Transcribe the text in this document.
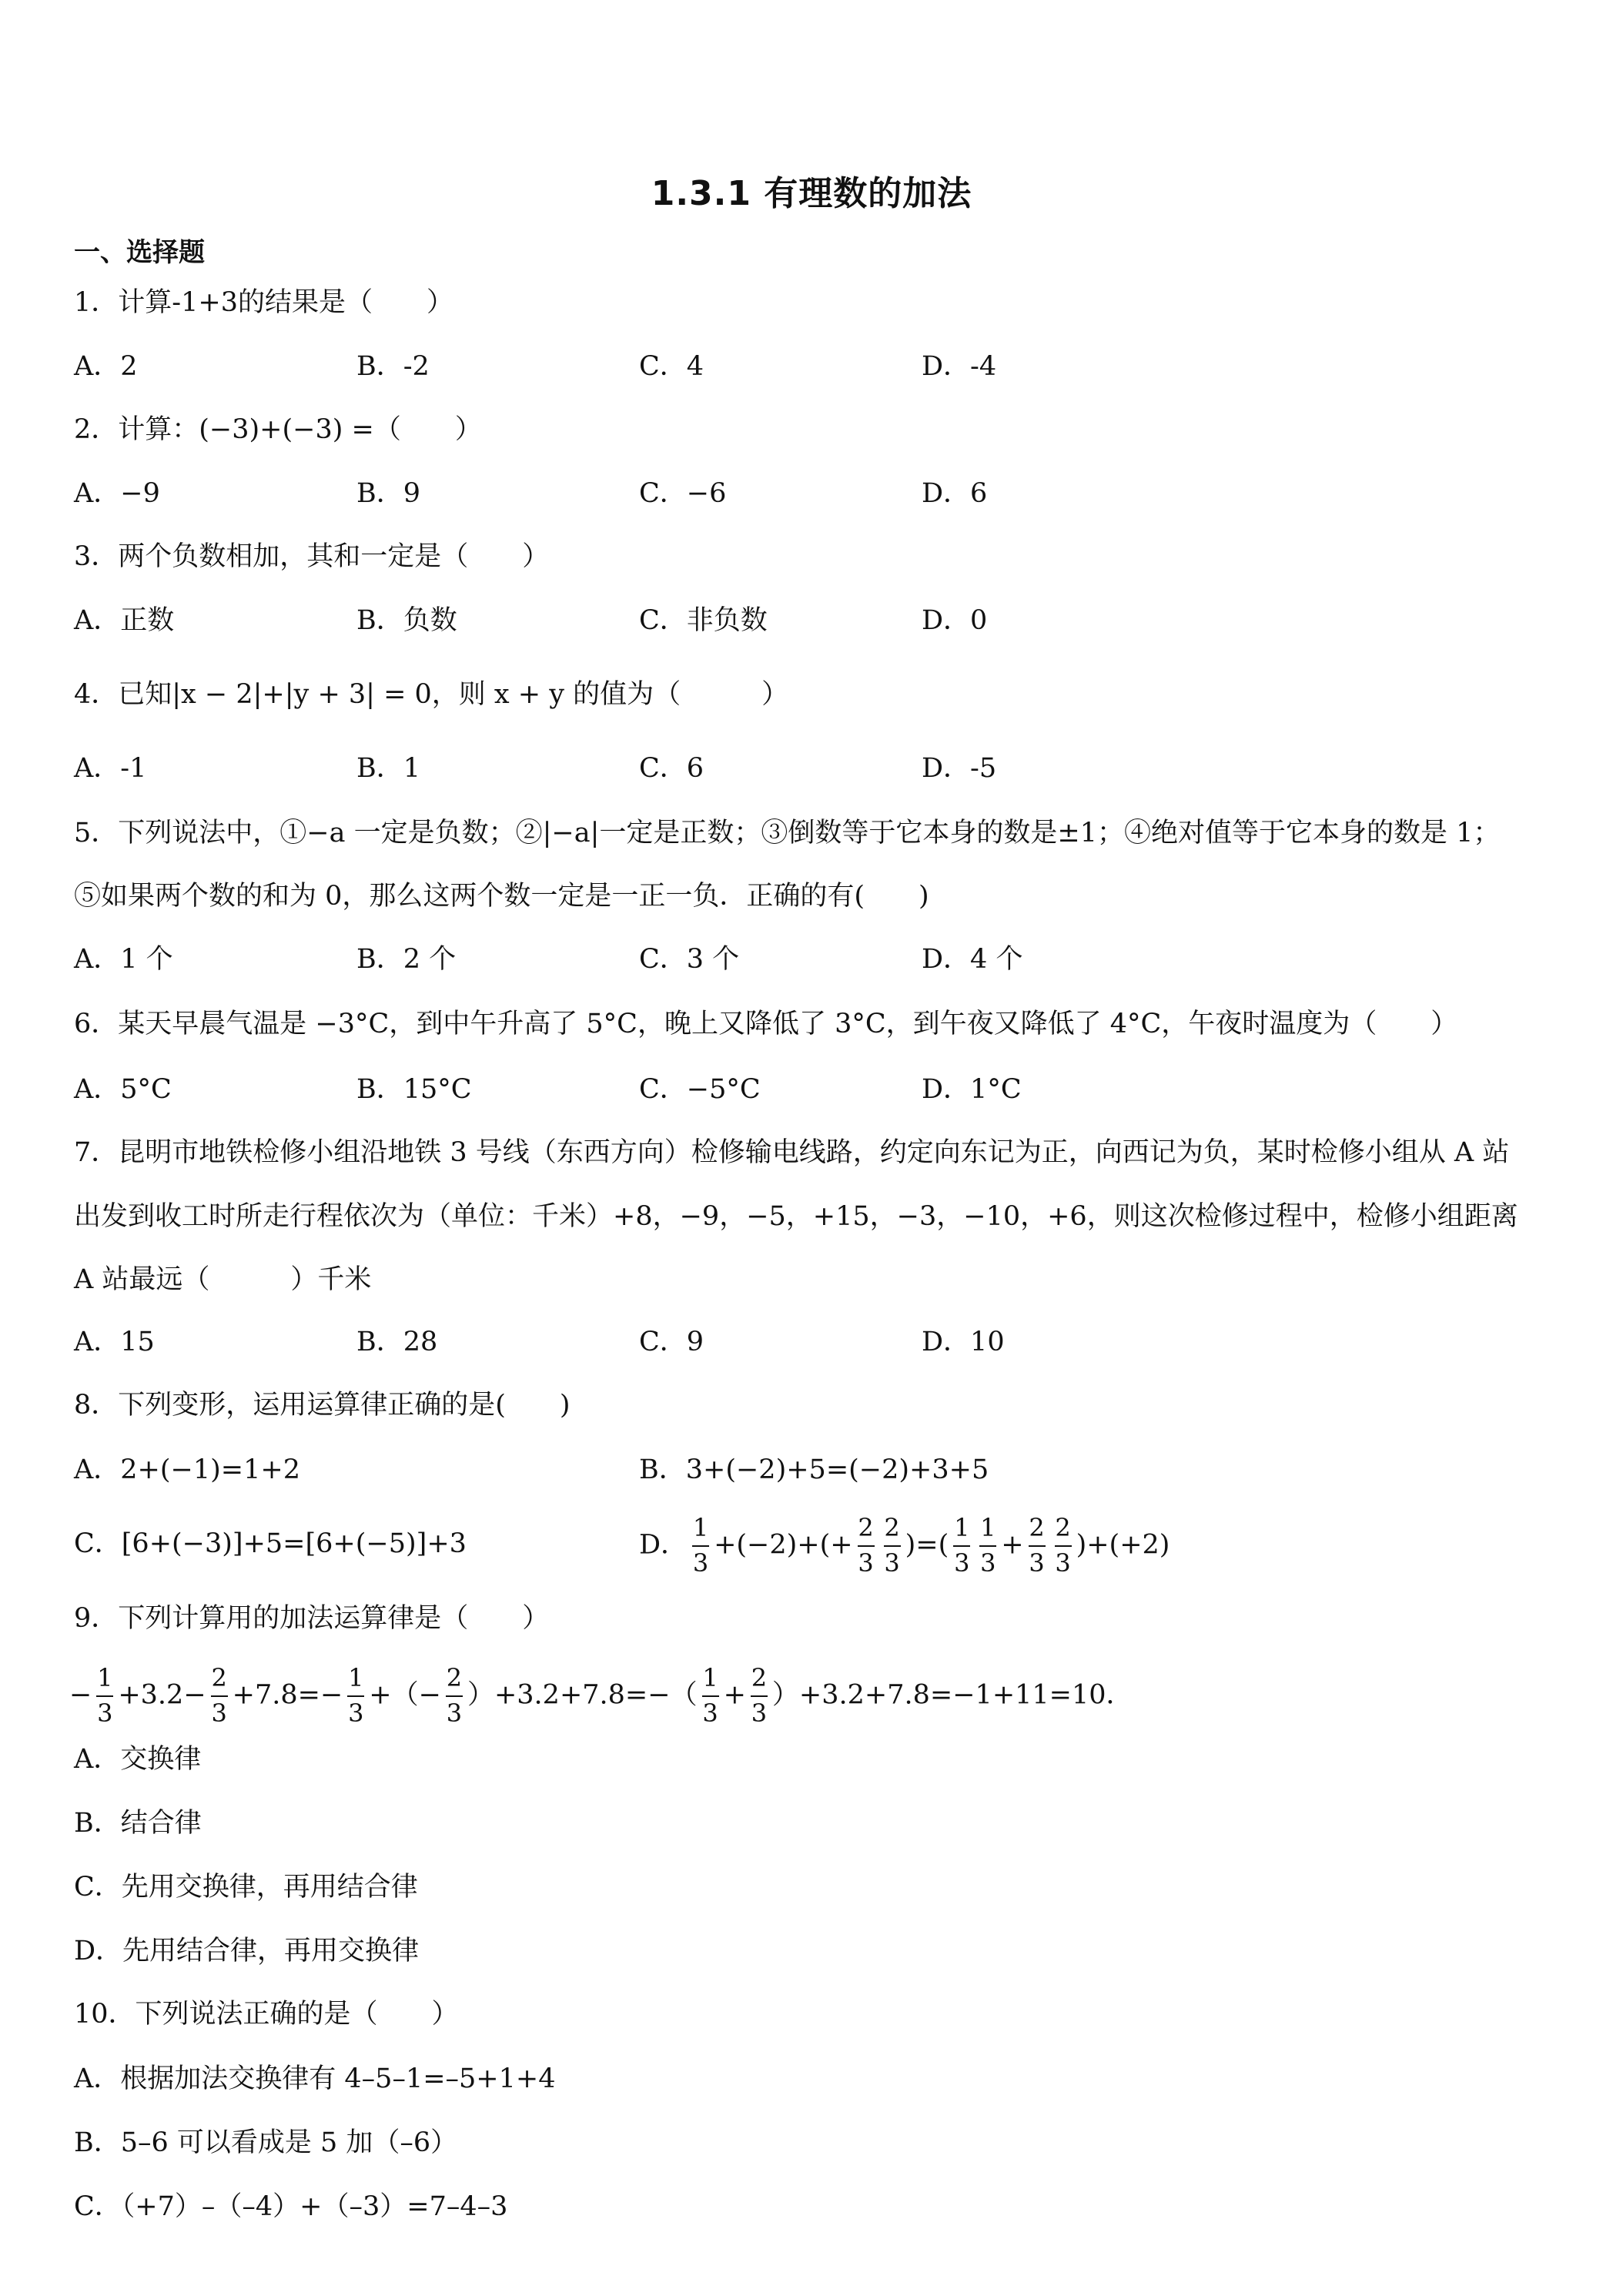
1.3.1 有理数的加法
一、选择题
1．计算-1+3的结果是（　　）
A．2	B．-2	C．4	D．-4
2．计算：(−3)+(−3) =（　　）
A．−9	B．9	C．−6	D．6
3．两个负数相加，其和一定是（　　）
A．正数	B．负数	C．非负数	D．0
4．已知|x − 2|+|y + 3| = 0，则 x + y 的值为（　　　）
A．-1	B．1	C．6	D．-5
5．下列说法中，①−a 一定是负数；②|−a|一定是正数；③倒数等于它本身的数是±1；④绝对值等于它本身的数是 1；
⑤如果两个数的和为 0，那么这两个数一定是一正一负．正确的有(　　)
A．1 个	B．2 个	C．3 个	D．4 个
6．某天早晨气温是 −3°C，到中午升高了 5°C，晚上又降低了 3°C，到午夜又降低了 4°C，午夜时温度为（　　）
A．5°C	B．15°C	C．−5°C	D．1°C
7．昆明市地铁检修小组沿地铁 3 号线（东西方向）检修输电线路，约定向东记为正，向西记为负，某时检修小组从 A 站
出发到收工时所走行程依次为（单位：千米）+8，−9，−5，+15，−3，−10，+6，则这次检修过程中，检修小组距离
A 站最远（　　　）千米
A．15	B．28	C．9	D．10
8．下列变形，运用运算律正确的是(　　)
A．2+(−1)=1+2	B．3+(−2)+5=(−2)+3+5
C．[6+(−3)]+5=[6+(−5)]+3	D． $\frac{1}{3} +(-2)+(+ \frac{2}{3} \frac{2}{3}$ )=( $\frac{1}{3} \frac{1}{3} + \frac{2}{3} \frac{2}{3} )+(+2)$
9．下列计算用的加法运算律是（　　）
− $\frac{1}{3} +3.2- \frac{2}{3} +7.8=- \frac{1}{3}$ +（− $\frac{2}{3} )+3.2+7.8=-( \frac{1}{3} + \frac{2}{3} )+3.2+7.8=-1+11=10$．
A．交换律
B．结合律
C．先用交换律，再用结合律
D．先用结合律，再用交换律
10．下列说法正确的是（　　）
A．根据加法交换律有 4–5–1=–5+1+4
B．5–6 可以看成是 5 加（–6）
C．（+7）–（–4）+（–3）=7–4–3
